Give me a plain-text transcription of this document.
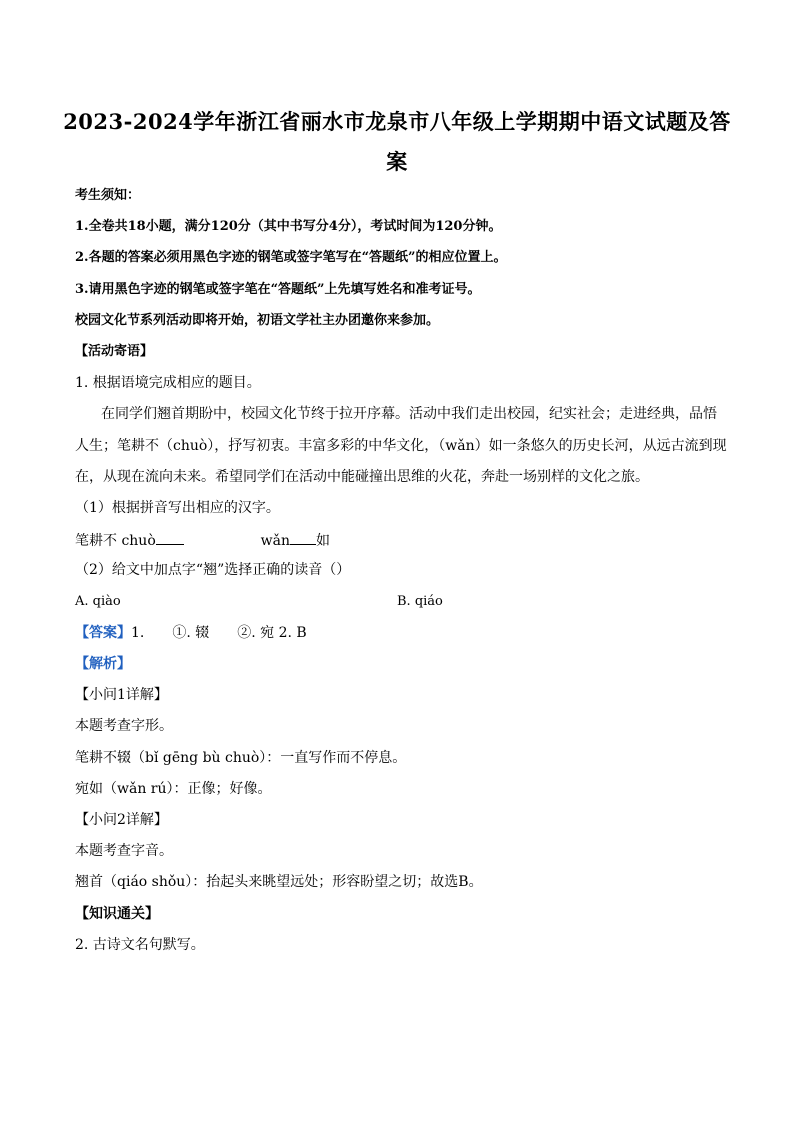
2023-2024学年浙江省丽水市龙泉市八年级上学期期中语文试题及答
案
考生须知：
1.全卷共18小题，满分120分（其中书写分4分），考试时间为120分钟。
2.各题的答案必须用黑色字迹的钢笔或签字笔写在“答题纸”的相应位置上。
3.请用黑色字迹的钢笔或签字笔在“答题纸”上先填写姓名和准考证号。
校园文化节系列活动即将开始，初语文学社主办团邀你来参加。
【活动寄语】
1. 根据语境完成相应的题目。
在同学们翘首期盼中，校园文化节终于拉开序幕。活动中我们走出校园，纪实社会；走进经典，品悟
人生；笔耕不（chuò），抒写初衷。丰富多彩的中华文化，（wǎn）如一条悠久的历史长河，从远古流到现
在，从现在流向未来。希望同学们在活动中能碰撞出思维的火花，奔赴一场别样的文化之旅。
（1）根据拼音写出相应的汉字。
笔耕不 chuò	wǎn 如
（2）给文中加点字“翘”选择正确的读音（）
A. qiào	B. qiáo
【答案】1.　　①. 辍　　②. 宛 2. B
【解析】
【小问1详解】
本题考查字形。
笔耕不辍（bǐ gēng bù chuò）：一直写作而不停息。
宛如（wǎn rú）：正像；好像。
【小问2详解】
本题考查字音。
翘首（qiáo shǒu）：抬起头来眺望远处；形容盼望之切；故选B。
【知识通关】
2. 古诗文名句默写。
